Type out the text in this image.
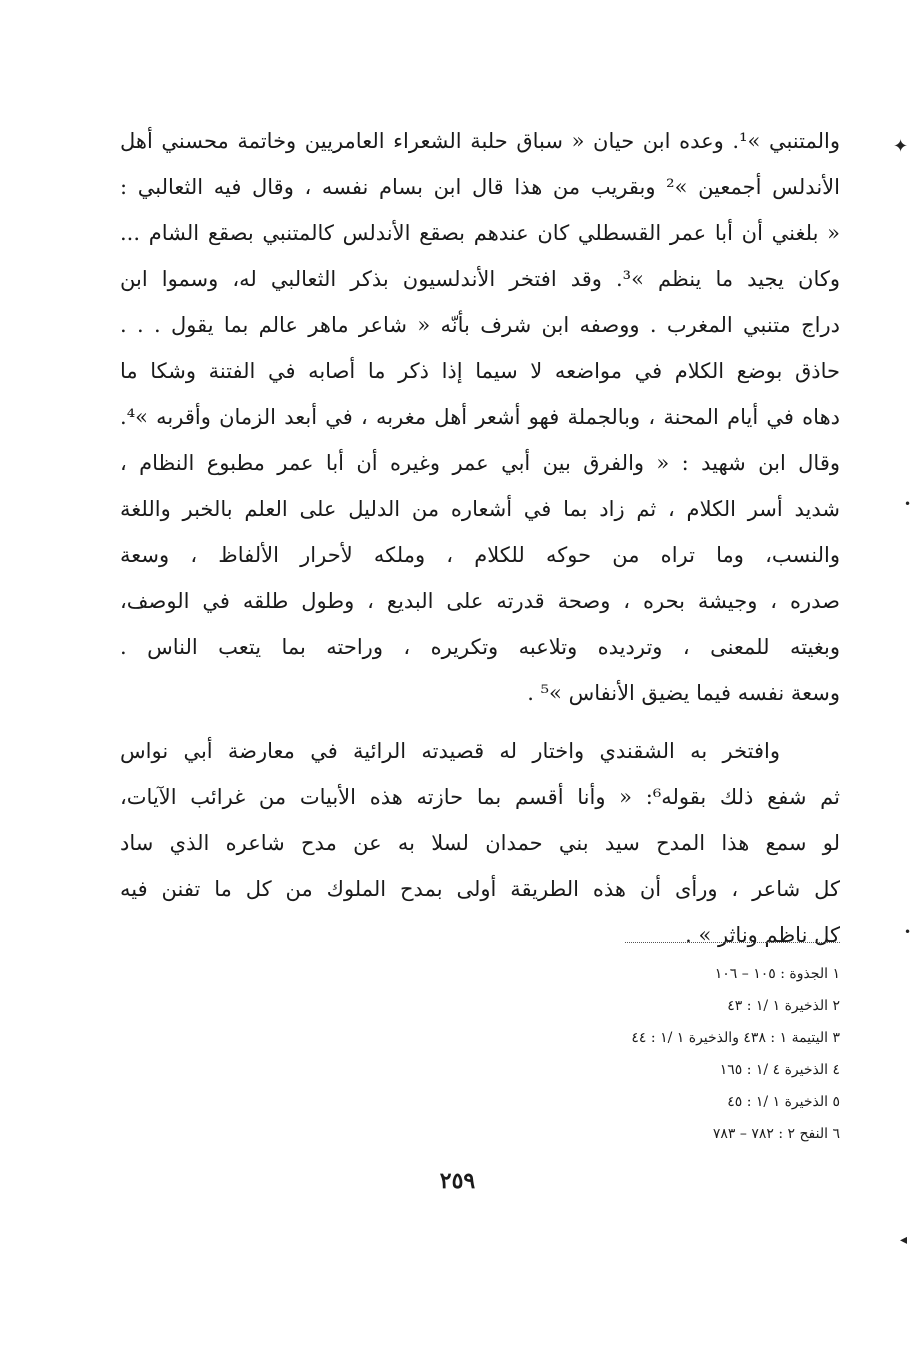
والمتنبي »¹. وعده ابن حيان « سباق حلبة الشعراء العامريين وخاتمة محسني أهل
الأندلس أجمعين »² وبقريب من هذا قال ابن بسام نفسه ، وقال فيه الثعالبي :
« بلغني أن أبا عمر القسطلي كان عندهم بصقع الأندلس كالمتنبي بصقع الشام ...
وكان يجيد ما ينظم »³. وقد افتخر الأندلسيون بذكر الثعالبي له، وسموا ابن
دراج متنبي المغرب . ووصفه ابن شرف بأنّه « شاعر ماهر عالم بما يقول . . .
حاذق بوضع الكلام في مواضعه لا سيما إذا ذكر ما أصابه في الفتنة وشكا ما
دهاه في أيام المحنة ، وبالجملة فهو أشعر أهل مغربه ، في أبعد الزمان وأقربه »⁴.
وقال ابن شهيد : « والفرق بين أبي عمر وغيره أن أبا عمر مطبوع النظام ،
شديد أسر الكلام ، ثم زاد بما في أشعاره من الدليل على العلم بالخبر واللغة
والنسب، وما تراه من حوكه للكلام ، وملكه لأحرار الألفاظ ، وسعة
صدره ، وجيشة بحره ، وصحة قدرته على البديع ، وطول طلقه في الوصف،
وبغيته للمعنى ، وترديده وتلاعبه وتكريره ، وراحته بما يتعب الناس .
وسعة نفسه فيما يضيق الأنفاس »⁵ .
وافتخر به الشقندي واختار له قصيدته الرائية في معارضة أبي نواس
ثم شفع ذلك بقوله⁶: « وأنا أقسم بما حازته هذه الأبيات من غرائب الآيات،
لو سمع هذا المدح سيد بني حمدان لسلا به عن مدح شاعره الذي ساد
كل شاعر ، ورأى أن هذه الطريقة أولى بمدح الملوك من كل ما تفنن فيه
كل ناظم وناثر » .
١ الجذوة : ١٠٥ – ١٠٦
٢ الذخيرة ١ /١ : ٤٣
٣ اليتيمة ١ : ٤٣٨ والذخيرة ١ /١ : ٤٤
٤ الذخيرة ٤ /١ : ١٦٥
٥ الذخيرة ١ /١ : ٤٥
٦ النفح ٢ : ٧٨٢ – ٧٨٣
٢٥٩
✦
•
•
◂
